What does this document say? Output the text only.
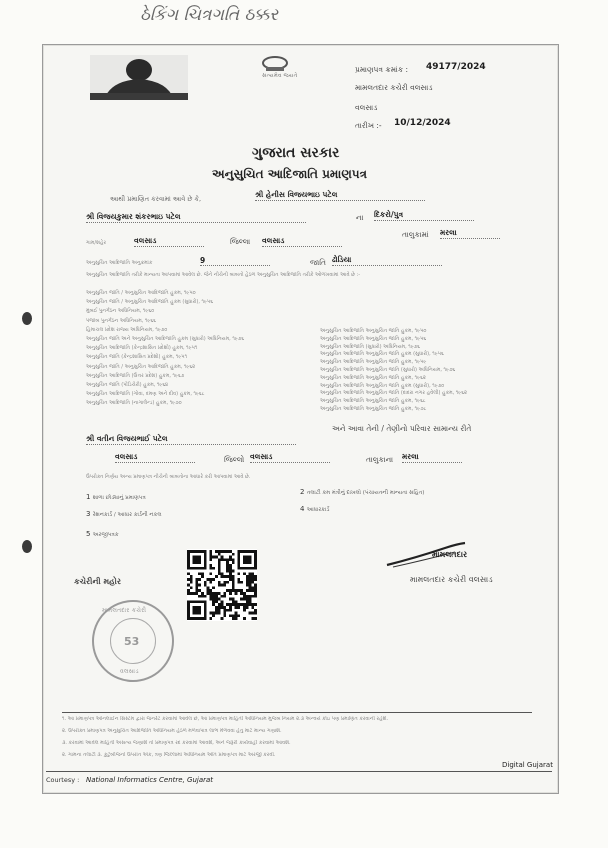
ઠેકિંગ ચિત્રગતિ ઠક્કર
સત્યમેવ જયતે
પ્રમાણપત્ર ક્રમાંક : 49177/2024
મામલતદાર કચેરી વલસાડ
વલસાડ
તારીખ :- 10/12/2024
ગુજરાત સરકાર
અનુસુચિત આદિજાતિ પ્રમાણપત્ર
આથી પ્રમાણિત કરવામાં આવે છે કે,	શ્રી હેનીસ વિજયભાઇ પટેલ
શ્રી વિજયકુમાર શંકરભાઇ પટેલ	ના દિકરો/પુત્ર
ગામ/શહેર	વલસાડ	જિલ્લા વલસાડ
તાલુકામાં મરલા
અનુસુચિત આદિજાતિ અનુક્રમાંક	9	જાતિ ઢોડિયા
અનુસુચિત આદિજાતિ તરીકે માન્યતા આપવામાં આવેલ છે. જેને નીચેની બાબતો હેઠળ અનુસુચિત આદિજાતિ તરીકે ઓળખવામાં આવે છે :-
અનુસુચિત જાતિ / અનુસુચિત આદિજાતિ હુકમ, ૧૯૫૦
અનુસુચિત જાતિ / અનુસુચિત આદિજાતિ હુકમ (સુધારો), ૧૯૫૬
મુંબઈ પુનર્ગઠન અધિનિયમ, ૧૯૬૦
પંજાબ પુનર્ગઠન અધિનિયમ, ૧૯૬૬
હિમાચલ પ્રદેશ રાજ્ય અધિનિયમ, ૧૯૭૦
અનુસુચિત જાતિ અને અનુસુચિત આદિજાતિ હુકમ (સુધારો) અધિનિયમ, ૧૯૭૬
અનુસુચિત આદિજાતિ (કેન્દ્રશાસિત પ્રદેશો) હુકમ, ૧૯૫૧
અનુસુચિત જાતિ (કેન્દ્રશાસિત પ્રદેશો) હુકમ, ૧૯૫૧
અનુસુચિત જાતિ / અનુસુચિત આદિજાતિ હુકમ, ૧૯૬૨
અનુસુચિત આદિજાતિ (ઉત્તર પ્રદેશ) હુકમ, ૧૯૬૭
અનુસુચિત જાતિ (પોંડિચેરી) હુકમ, ૧૯૬૪
અનુસુચિત આદિજાતિ (ગોવા, દમણ અને દીવ) હુકમ, ૧૯૬૮
અનુસુચિત આદિજાતિ (નાગાલેન્ડ) હુકમ, ૧૯૭૦
અનુસુચિત આદિજાતિ અનુસુચિત જાતિ હુકમ, ૧૯૫૦
અનુસુચિત આદિજાતિ અનુસુચિત જાતિ હુકમ, ૧૯૫૬
અનુસુચિત આદિજાતિ (સુધારો) અધિનિયમ, ૧૯૭૬
અનુસુચિત આદિજાતિ અનુસુચિત જાતિ હુકમ (સુધારો), ૧૯૫૬
અનુસુચિત આદિજાતિ અનુસુચિત જાતિ હુકમ, ૧૯૫૯
અનુસુચિત આદિજાતિ અનુસુચિત જાતિ (સુધારો) અધિનિયમ, ૧૯૭૬
અનુસુચિત આદિજાતિ અનુસુચિત જાતિ હુકમ, ૧૯૬૨
અનુસુચિત આદિજાતિ અનુસુચિત જાતિ હુકમ (સુધારો), ૧૯૭૦
અનુસુચિત આદિજાતિ અનુસુચિત જાતિ (દાદરા નગર હવેલી) હુકમ, ૧૯૬૨
અનુસુચિત આદિજાતિ અનુસુચિત જાતિ હુકમ, ૧૯૬૮
અનુસુચિત આદિજાતિ અનુસુચિત જાતિ હુકમ, ૧૯૭૮
અને આવા તેની / તેણીનો પરિવાર સામાન્ય રીતે
શ્રી વતીન વિજયભાઈ પટેલ
વલસાડ	જિલ્લો વલસાડ	તાલુકાના મરલા
ઉપરોક્ત નિર્ણય અન્ય પ્રમાણપત્ર નીચેની બાબતોના આધારે કરી આપવામાં આવે છે.
1 શાળા છોડ્યાનું પ્રમાણપત્ર
2 તલાટી કમ મંત્રીનું દાખલો (પંચાયતની માન્યતા સહિત)
3 રેશનકાર્ડ / આધાર કાર્ડની નકલ
4 આધારકાર્ડ
5 અરજીપત્રક
કચેરીની મહોર
મામલતદાર કચેરી
53
વલસાડ
મામલતદાર
મામલતદાર કચેરી વલસાડ
૧. આ પ્રમાણપત્ર ઓનલાઈન સિસ્ટમ દ્વારા જનરેટ કરવામાં આવેલ છે, આ પ્રમાણપત્ર માહિતી અધિનિયમ મુજબ નિયમ ૨.૩ અન્વયે કોઇ પણ પ્રમાણિત કરવાની રહેશે.
૨. ઉપરોક્ત પ્રમાણપત્ર અનુસુચિત આદિજાતિ અધિનિયમ હેઠળ મળવાપાત્ર લાભ મેળવવા હેતુ માટે માન્ય ગણાશે.
૩. કરવામાં આવેલ માહિતી અસત્ય જણાશે તો પ્રમાણપત્ર રદ કરવામાં આવશે, અને જરૂરી કાર્યવાહી કરવામાં આવશે.
૨. ગામના તલાટી ૩. કુટુંબીજનો ઉપરાંત એક, ત્રણ જિલ્લામાં અધિનિયમ અંતિ પ્રમાણપત્ર માટે અરજી કરવી.
Courtesy : National Informatics Centre, Gujarat
Digital Gujarat
